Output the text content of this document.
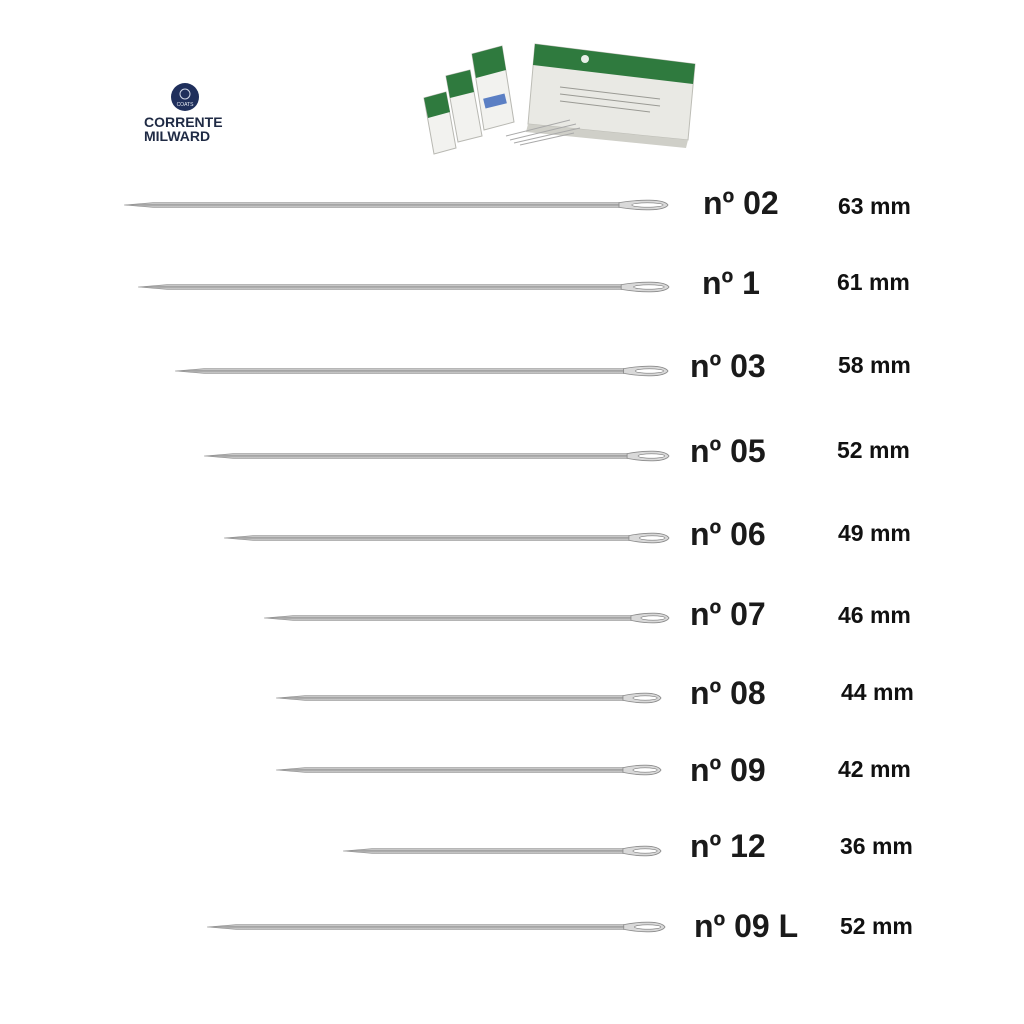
COATS
CORRENTE
MILWARD
nº 02	63 mm
nº 1	61 mm
nº 03	58 mm
nº 05	52 mm
nº 06	49 mm
nº 07	46 mm
nº 08	44 mm
nº 09	42 mm
nº 12	36 mm
nº 09 L 52 mm
